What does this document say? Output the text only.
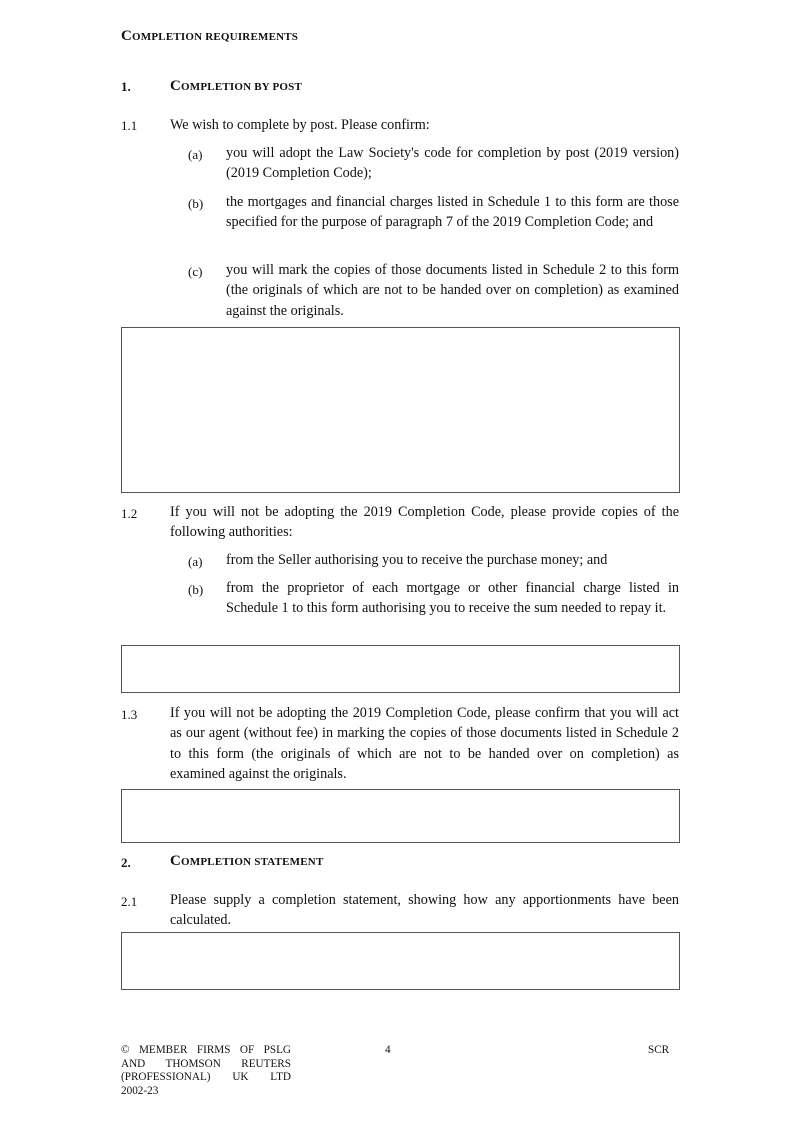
COMPLETION REQUIREMENTS
1.	COMPLETION BY POST
1.1 We wish to complete by post. Please confirm:
(a) you will adopt the Law Society's code for completion by post (2019 version) (2019 Completion Code);
(b) the mortgages and financial charges listed in Schedule 1 to this form are those specified for the purpose of paragraph 7 of the 2019 Completion Code; and
(c) you will mark the copies of those documents listed in Schedule 2 to this form (the originals of which are not to be handed over on completion) as examined against the originals.
1.2 If you will not be adopting the 2019 Completion Code, please provide copies of the following authorities:
(a) from the Seller authorising you to receive the purchase money; and
(b) from the proprietor of each mortgage or other financial charge listed in Schedule 1 to this form authorising you to receive the sum needed to repay it.
1.3 If you will not be adopting the 2019 Completion Code, please confirm that you will act as our agent (without fee) in marking the copies of those documents listed in Schedule 2 to this form (the originals of which are not to be handed over on completion) as examined against the originals.
2.	COMPLETION STATEMENT
2.1 Please supply a completion statement, showing how any apportionments have been calculated.
© MEMBER FIRMS OF PSLG
AND THOMSON REUTERS
(PROFESSIONAL) UK LTD
2002-23
4	SCR
